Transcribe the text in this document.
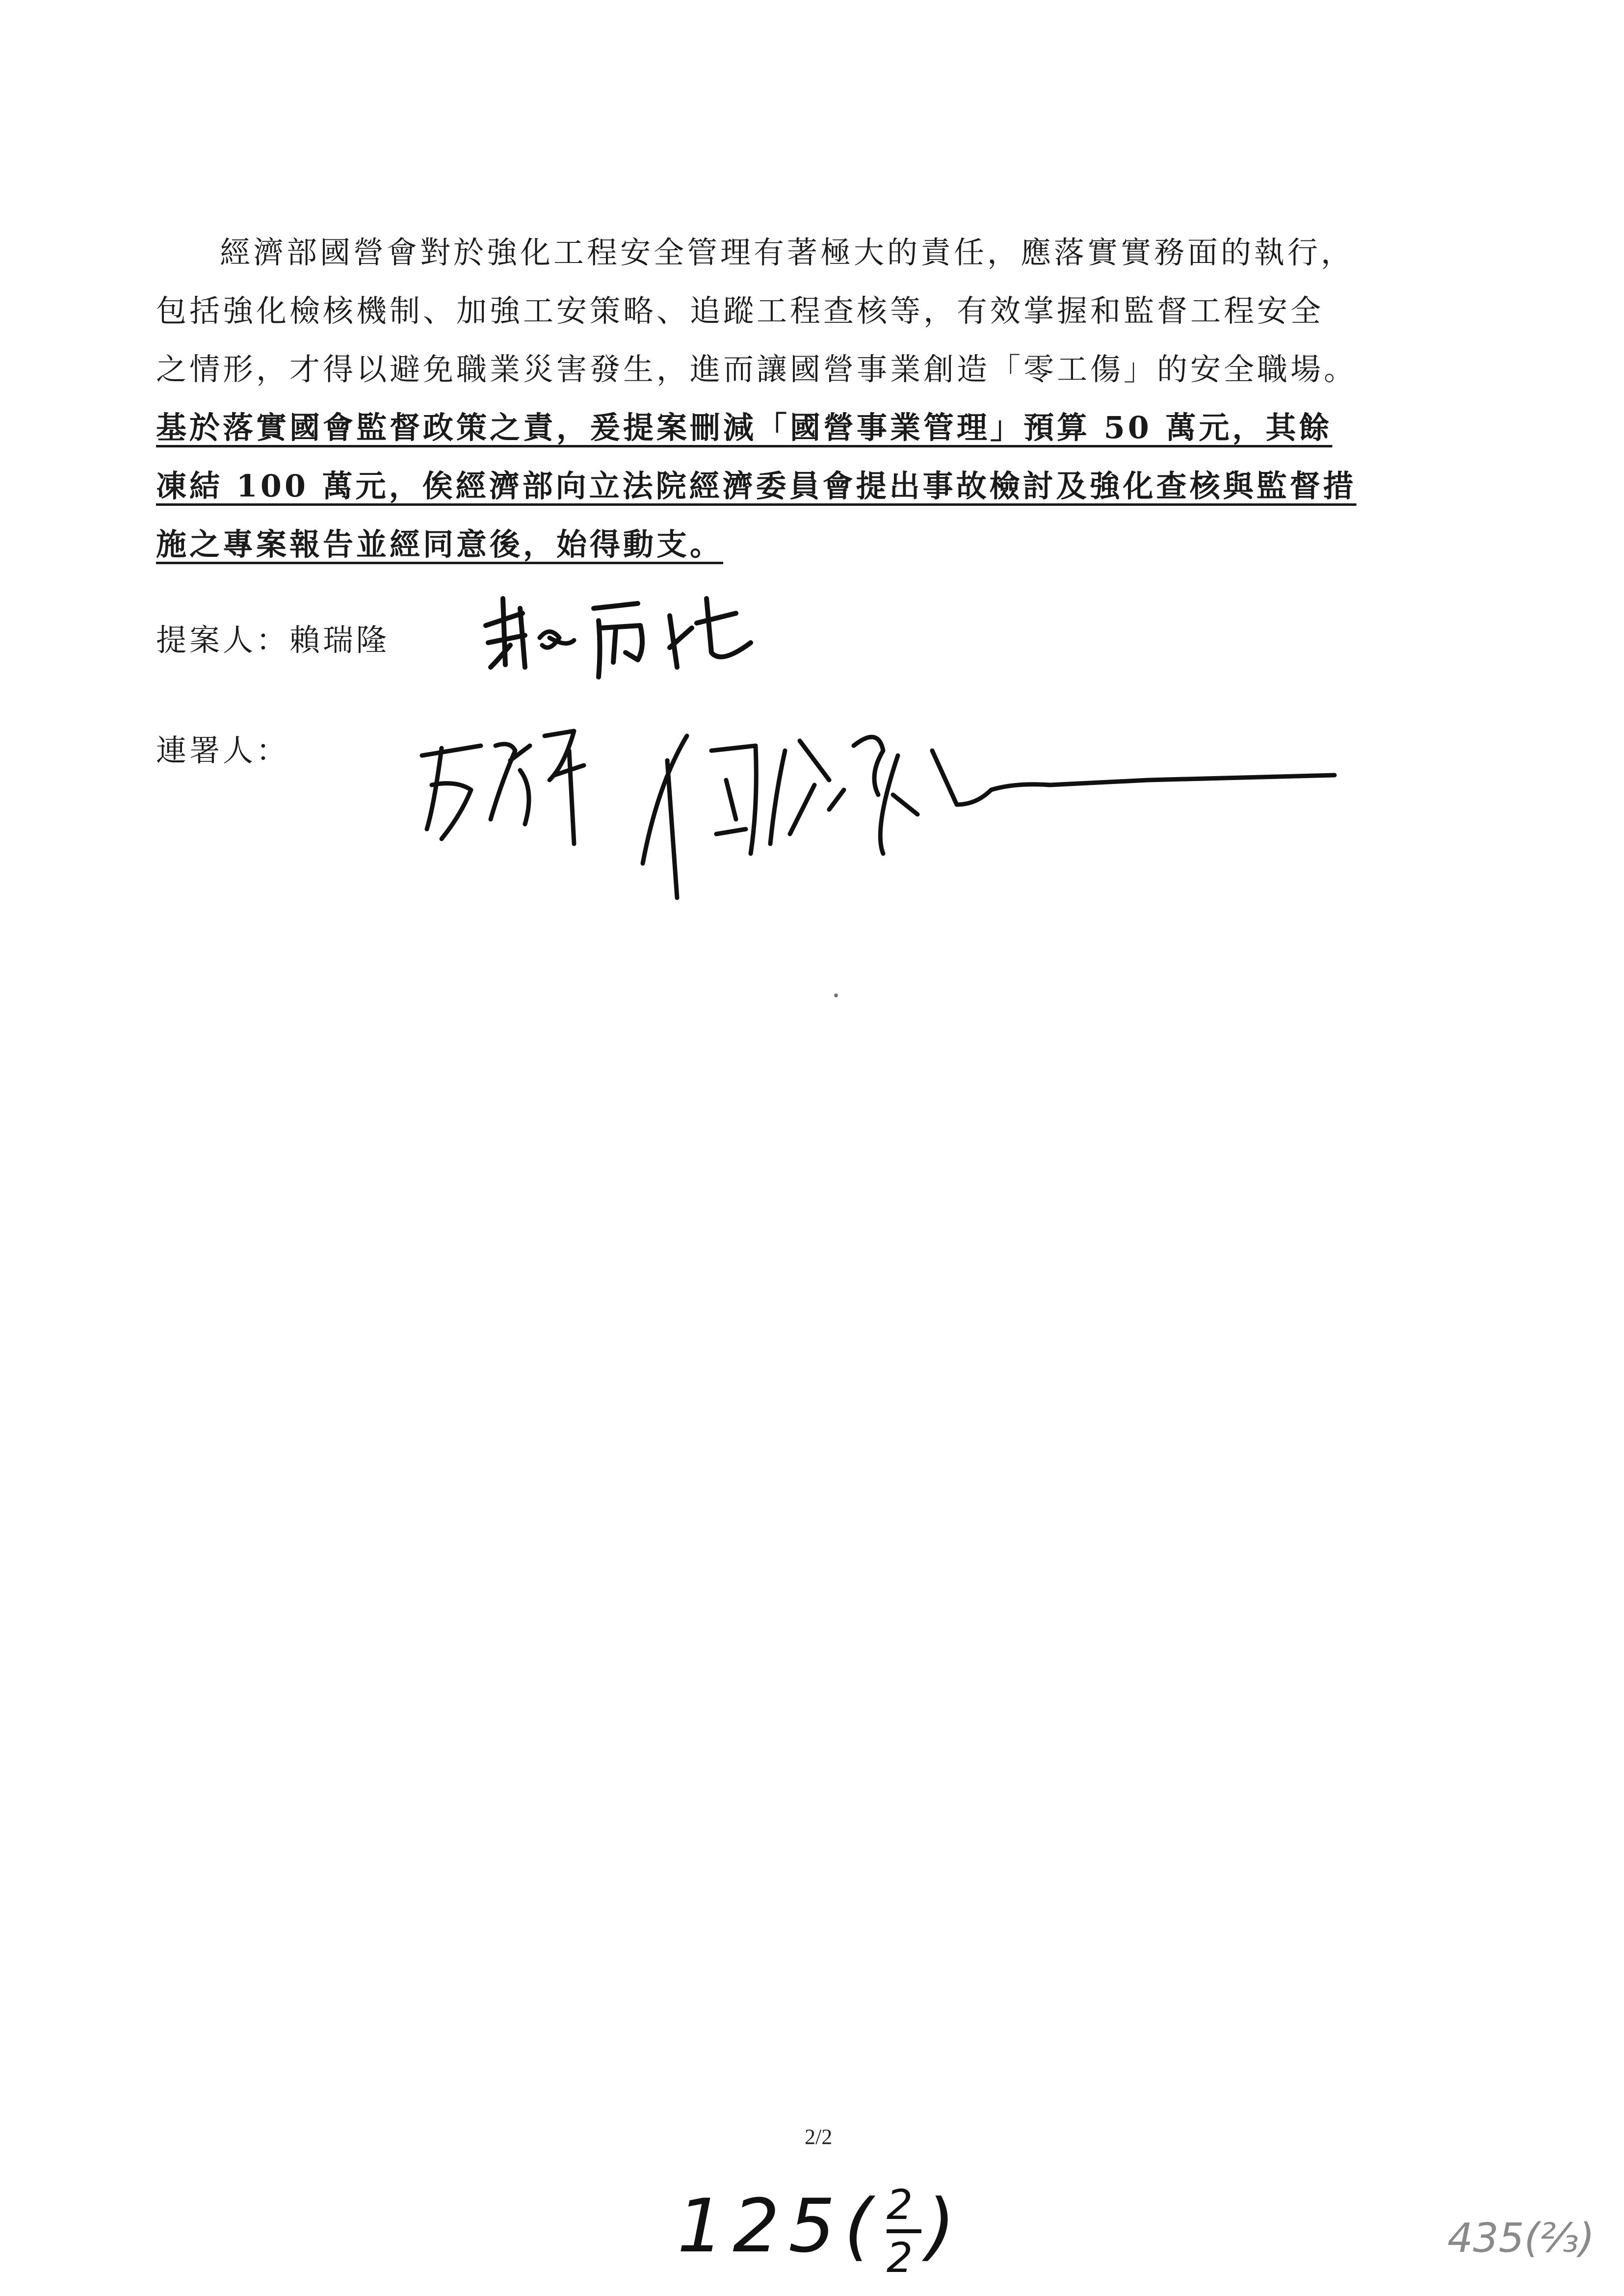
經濟部國營會對於強化工程安全管理有著極大的責任，應落實實務面的執行，
包括強化檢核機制、加強工安策略、追蹤工程查核等，有效掌握和監督工程安全
之情形，才得以避免職業災害發生，進而讓國營事業創造「零工傷」的安全職場。
基於落實國會監督政策之責，爰提案刪減「國營事業管理」預算 50 萬元，其餘
凍結 100 萬元，俟經濟部向立法院經濟委員會提出事故檢討及強化查核與監督措
施之專案報告並經同意後，始得動支。
提案人：賴瑞隆
連署人：
2/2
125( 2
2)	435(⅔)
